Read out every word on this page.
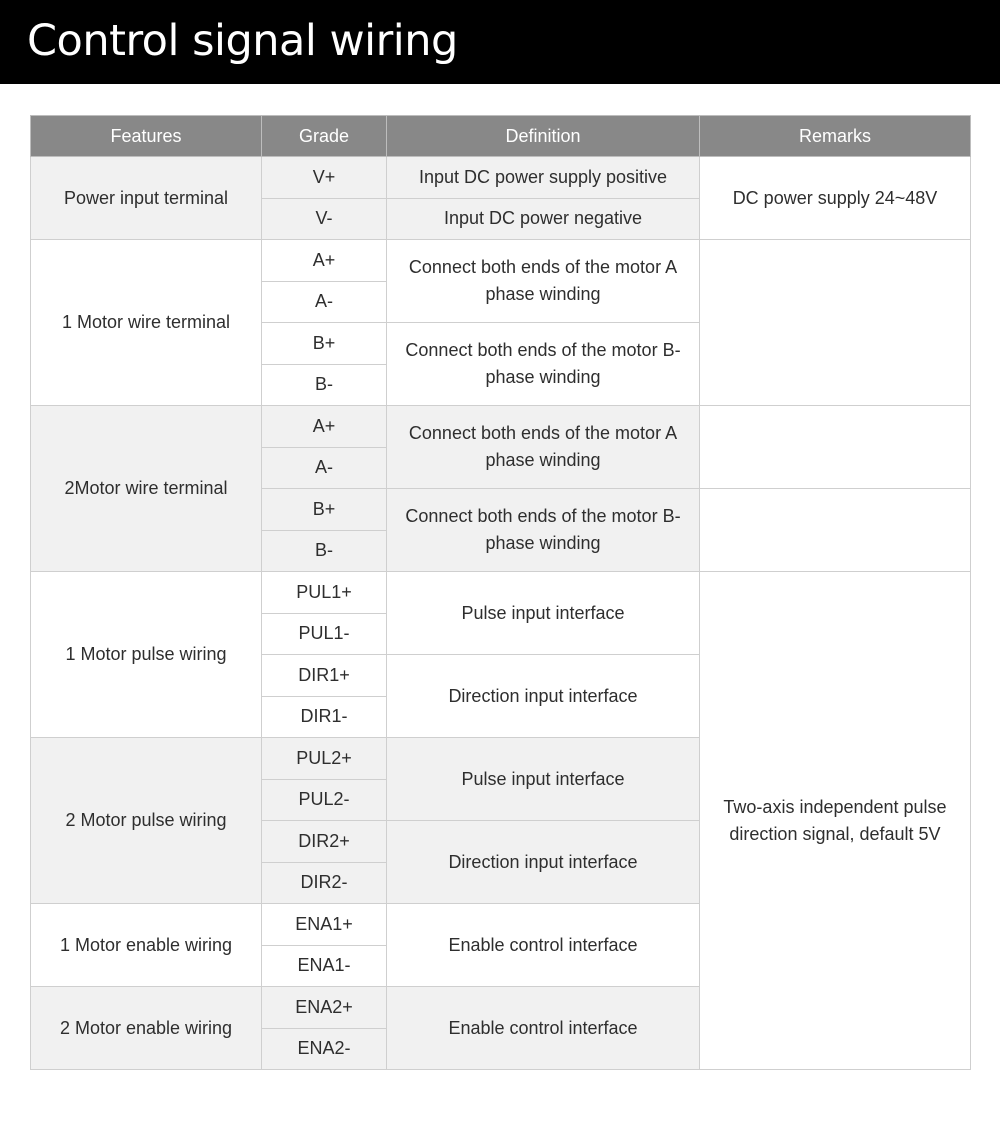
Control signal wiring
Features	Grade	Definition	Remarks
Power input terminal	V+	Input DC power supply positive	DC power supply 24~48V
	V-	Input DC power negative	
1 Motor wire terminal	A+	Connect both ends of the motor A phase winding	
	A-		
	B+	Connect both ends of the motor B-phase winding	
	B-		
2Motor wire terminal	A+	Connect both ends of the motor A phase winding	
	A-		
	B+	Connect both ends of the motor B-phase winding	
	B-		
1 Motor pulse wiring	PUL1+	Pulse input interface	Two-axis independent pulse direction signal, default 5V
	PUL1-		
	DIR1+	Direction input interface	
	DIR1-		
2 Motor pulse wiring	PUL2+	Pulse input interface	
	PUL2-		
	DIR2+	Direction input interface	
	DIR2-		
1 Motor enable wiring	ENA1+	Enable control interface	
	ENA1-		
2 Motor enable wiring	ENA2+	Enable control interface	
	ENA2-		
